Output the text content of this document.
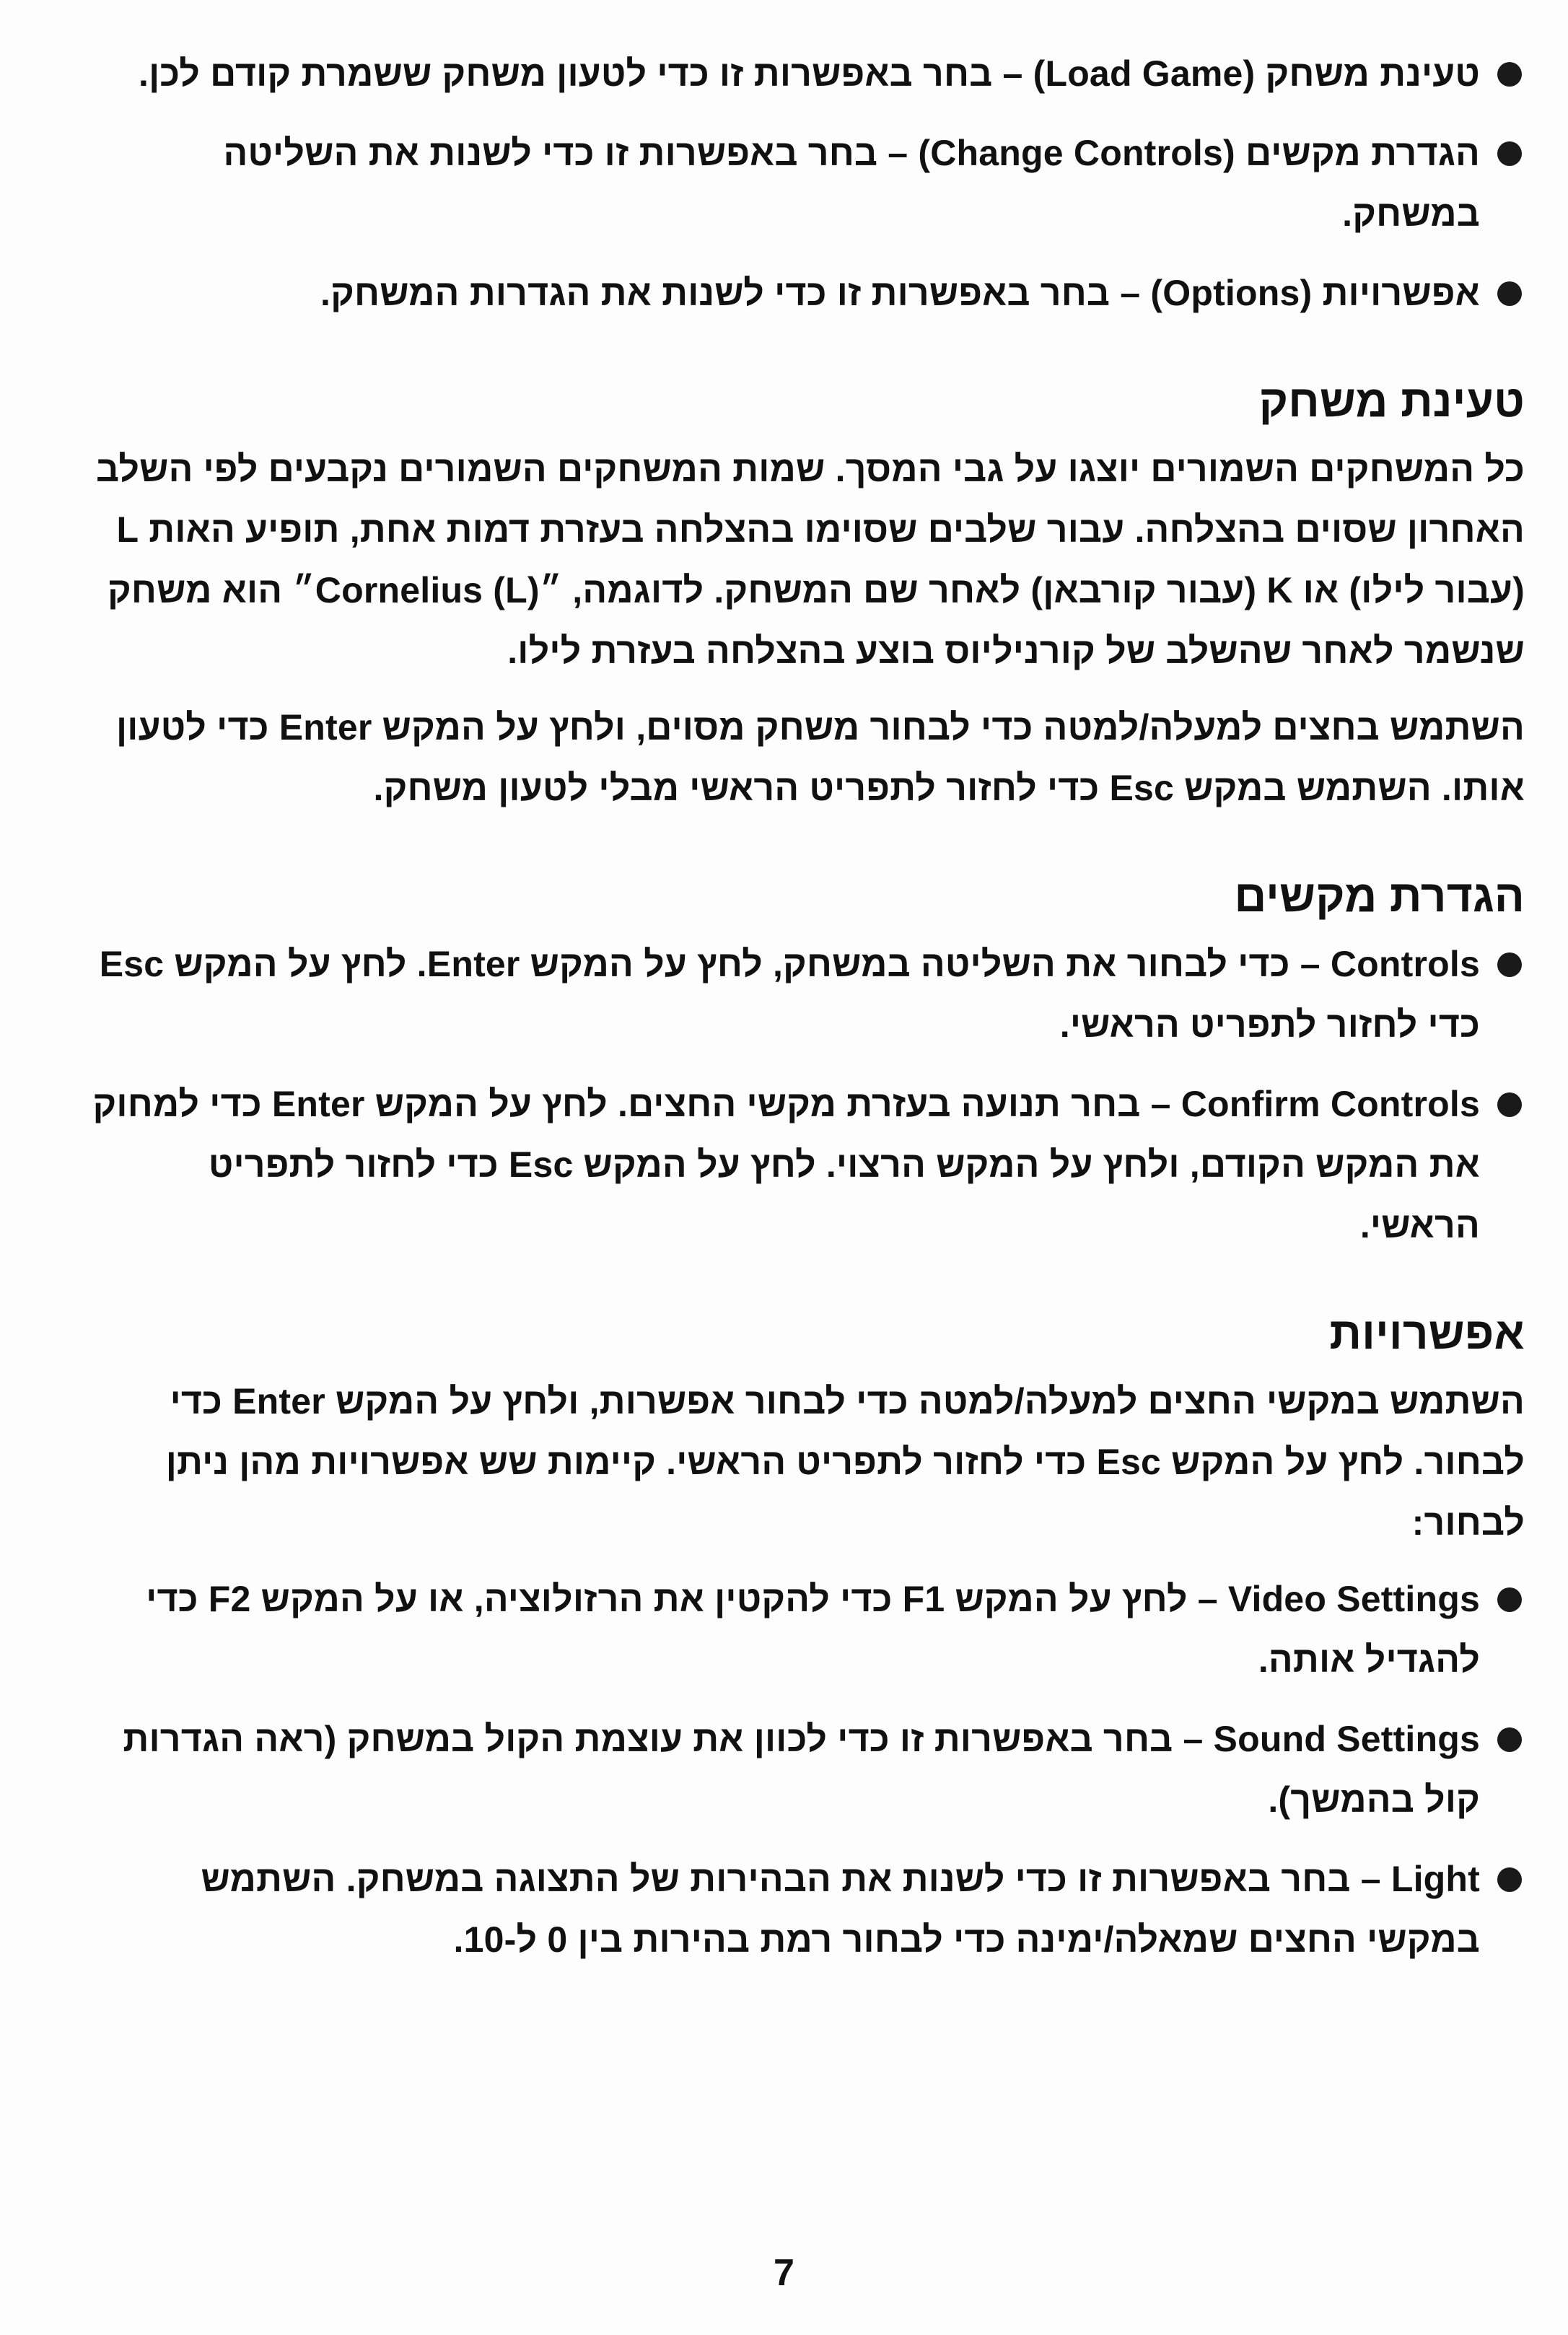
טעינת משחק (Load Game) – בחר באפשרות זו כדי לטעון משחק ששמרת קודם לכן.
הגדרת מקשים (Change Controls) – בחר באפשרות זו כדי לשנות את השליטה במשחק.
אפשרויות (Options) – בחר באפשרות זו כדי לשנות את הגדרות המשחק.
טעינת משחק

כל המשחקים השמורים יוצגו על גבי המסך. שמות המשחקים השמורים נקבעים לפי השלב האחרון שסוים בהצלחה. עבור שלבים שסוימו בהצלחה בעזרת דמות אחת, תופיע האות L (עבור לילו) או K (עבור קורבאן) לאחר שם המשחק. לדוגמה, ״Cornelius (L)״ הוא משחק שנשמר לאחר שהשלב של קורניליוס בוצע בהצלחה בעזרת לילו.

השתמש בחצים למעלה/למטה כדי לבחור משחק מסוים, ולחץ על המקש Enter כדי לטעון אותו. השתמש במקש Esc כדי לחזור לתפריט הראשי מבלי לטעון משחק.

הגדרת מקשים
Controls – כדי לבחור את השליטה במשחק, לחץ על המקש Enter. לחץ על המקש Esc כדי לחזור לתפריט הראשי.
Confirm Controls – בחר תנועה בעזרת מקשי החצים. לחץ על המקש Enter כדי למחוק את המקש הקודם, ולחץ על המקש הרצוי. לחץ על המקש Esc כדי לחזור לתפריט הראשי.
אפשרויות

השתמש במקשי החצים למעלה/למטה כדי לבחור אפשרות, ולחץ על המקש Enter כדי לבחור. לחץ על המקש Esc כדי לחזור לתפריט הראשי. קיימות שש אפשרויות מהן ניתן לבחור:

Video Settings – לחץ על המקש F1 כדי להקטין את הרזולוציה, או על המקש F2 כדי להגדיל אותה.
Sound Settings – בחר באפשרות זו כדי לכוון את עוצמת הקול במשחק (ראה הגדרות קול בהמשך).
Light – בחר באפשרות זו כדי לשנות את הבהירות של התצוגה במשחק. השתמש במקשי החצים שמאלה/ימינה כדי לבחור רמת בהירות בין 0 ל-10.
7
